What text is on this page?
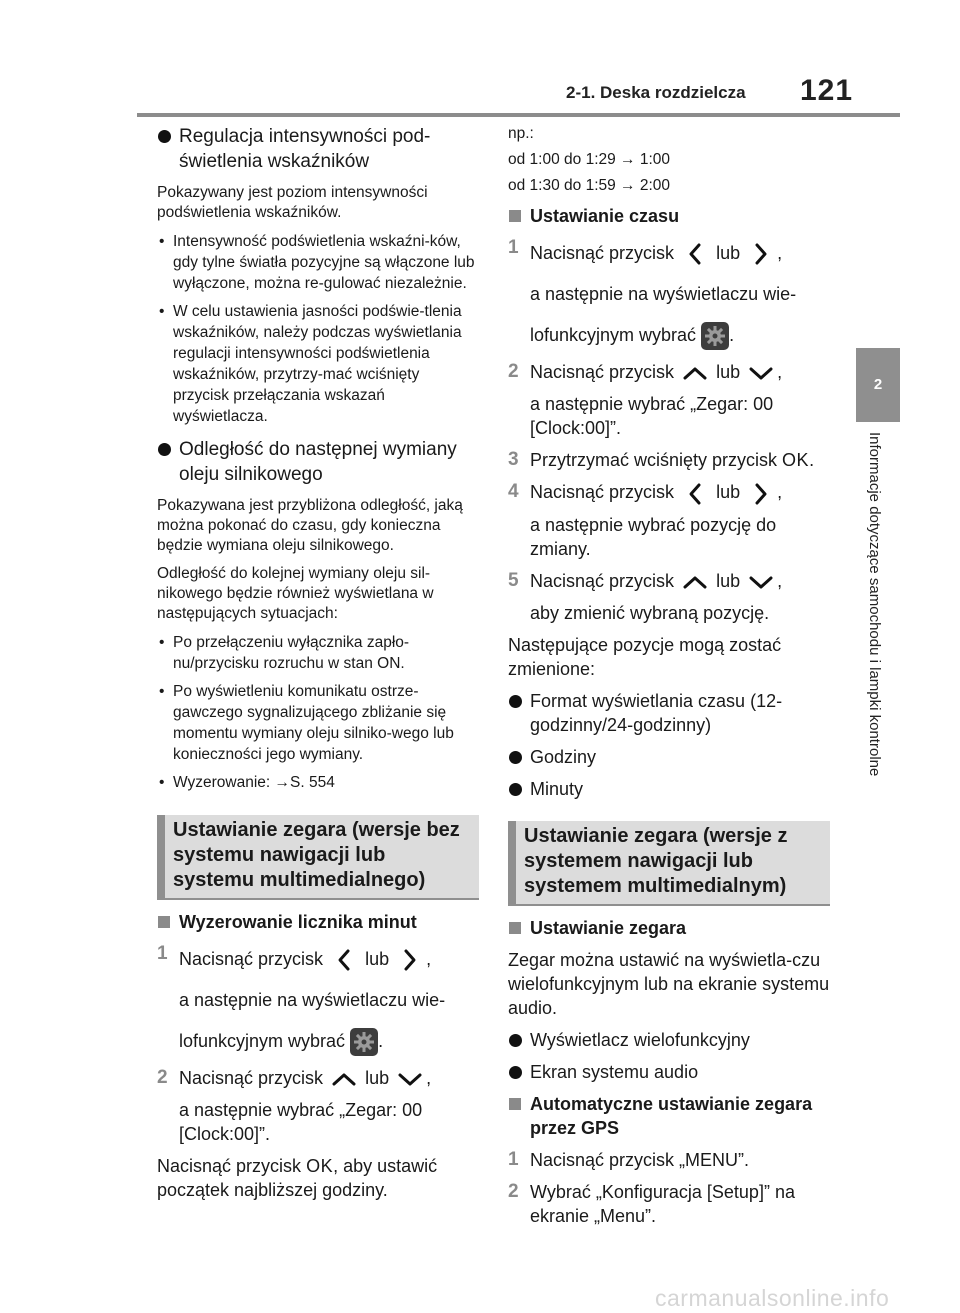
2-1. Deska rozdzielcza 121
2
Informacje dotyczące samochodu i lampki kontrolne
Regulacja intensywności pod-świetlenia wskaźników

Pokazywany jest poziom intensywności podświetlenia wskaźników.

• Intensywność podświetlenia wskaźni-ków, gdy tylne światła pozycyjne są włączone lub wyłączone, można re-gulować niezależnie.
• W celu ustawienia jasności podświe-tlenia wskaźników, należy podczas wyświetlania regulacji intensywności podświetlenia wskaźników, przytrzy-mać wciśnięty przycisk przełączania wskazań wyświetlacza.
Odległość do następnej wymiany oleju silnikowego

Pokazywana jest przybliżona odległość, jaką można pokonać do czasu, gdy konieczna będzie wymiana oleju silnikowego.

Odległość do kolejnej wymiany oleju sil-nikowego będzie również wyświetlana w następujących sytuacjach:

• Po przełączeniu wyłącznika zapło-nu/przycisku rozruchu w stan ON.
• Po wyświetleniu komunikatu ostrze-gawczego sygnalizującego zbliżanie się momentu wymiany oleju silniko-wego lub konieczności jego wymiany.
• Wyzerowanie: →S. 554
Ustawianie zegara (wersje bez systemu nawigacji lub systemu multimedialnego)
Wyzerowanie licznika minut
1 Nacisnąć przycisk lub ,

a następnie na wyświetlaczu wie-

lofunkcyjnym wybrać .

2 Nacisnąć przycisk lub ,

a następnie wybrać „Zegar: 00 [Clock:00]”.

Nacisnąć przycisk OK, aby ustawić początek najbliższej godziny.

np.:

od 1:00 do 1:29 → 1:00

od 1:30 do 1:59 → 2:00

Ustawianie czasu
1 Nacisnąć przycisk lub ,

a następnie na wyświetlaczu wie-

lofunkcyjnym wybrać .

2 Nacisnąć przycisk lub ,

a następnie wybrać „Zegar: 00 [Clock:00]”.

3 Przytrzymać wciśnięty przycisk OK.

4 Nacisnąć przycisk lub ,

a następnie wybrać pozycję do zmiany.

5 Nacisnąć przycisk lub ,

aby zmienić wybraną pozycję.

Następujące pozycje mogą zostać zmienione:

Format wyświetlania czasu (12-godzinny/24-godzinny)
Godziny
Minuty
Ustawianie zegara (wersje z systemem nawigacji lub systemem multimedialnym)
Ustawianie zegara

Zegar można ustawić na wyświetla-czu wielofunkcyjnym lub na ekranie systemu audio.

Wyświetlacz wielofunkcyjny
Ekran systemu audio
Automatyczne ustawianie zegara przez GPS
1 Nacisnąć przycisk „MENU”.

2 Wybrać „Konfiguracja [Setup]” na ekranie „Menu”.

carmanualsonline.info
